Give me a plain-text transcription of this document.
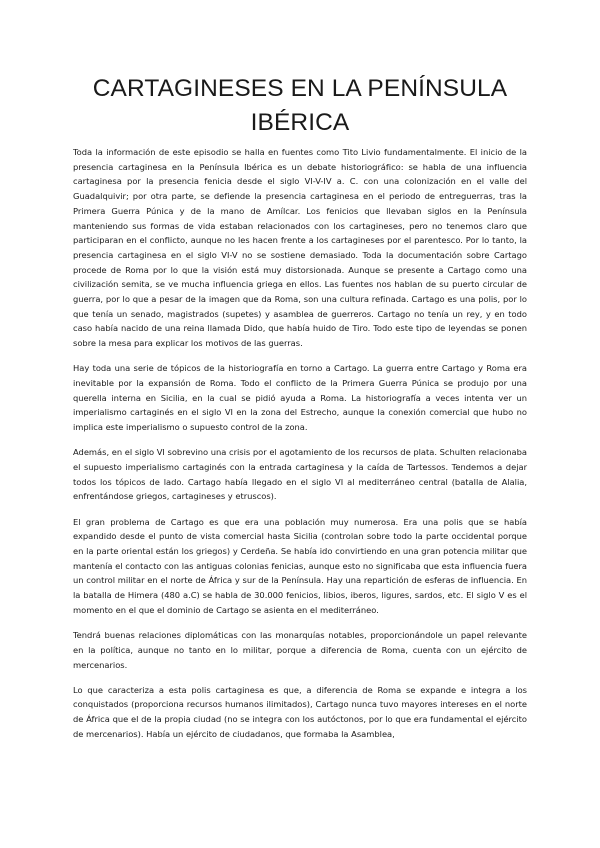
CARTAGINESES EN LA PENÍNSULA
IBÉRICA

Toda la información de este episodio se halla en fuentes como Tito Livio fundamentalmente. El inicio de la presencia cartaginesa en la Península Ibérica es un debate historiográfico: se habla de una influencia cartaginesa por la presencia fenicia desde el siglo VI-V-IV a. C. con una colonización en el valle del Guadalquivir; por otra parte, se defiende la presencia cartaginesa en el periodo de entreguerras, tras la Primera Guerra Púnica y de la mano de Amílcar. Los fenicios que llevaban siglos en la Península manteniendo sus formas de vida estaban relacionados con los cartagineses, pero no tenemos claro que participaran en el conflicto, aunque no les hacen frente a los cartagineses por el parentesco. Por lo tanto, la presencia cartaginesa en el siglo VI-V no se sostiene demasiado. Toda la documentación sobre Cartago procede de Roma por lo que la visión está muy distorsionada. Aunque se presente a Cartago como una civilización semita, se ve mucha influencia griega en ellos. Las fuentes nos hablan de su puerto circular de guerra, por lo que a pesar de la imagen que da Roma, son una cultura refinada. Cartago es una polis, por lo que tenía un senado, magistrados (supetes) y asamblea de guerreros. Cartago no tenía un rey, y en todo caso había nacido de una reina llamada Dido, que había huido de Tiro. Todo este tipo de leyendas se ponen sobre la mesa para explicar los motivos de las guerras.

Hay toda una serie de tópicos de la historiografía en torno a Cartago. La guerra entre Cartago y Roma era inevitable por la expansión de Roma. Todo el conflicto de la Primera Guerra Púnica se produjo por una querella interna en Sicilia, en la cual se pidió ayuda a Roma. La historiografía a veces intenta ver un imperialismo cartaginés en el siglo VI en la zona del Estrecho, aunque la conexión comercial que hubo no implica este imperialismo o supuesto control de la zona.

Además, en el siglo VI sobrevino una crisis por el agotamiento de los recursos de plata. Schulten relacionaba el supuesto imperialismo cartaginés con la entrada cartaginesa y la caída de Tartessos. Tendemos a dejar todos los tópicos de lado. Cartago había llegado en el siglo VI al mediterráneo central (batalla de Alalia, enfrentándose griegos, cartagineses y etruscos).

El gran problema de Cartago es que era una población muy numerosa. Era una polis que se había expandido desde el punto de vista comercial hasta Sicilia (controlan sobre todo la parte occidental porque en la parte oriental están los griegos) y Cerdeña. Se había ido convirtiendo en una gran potencia militar que mantenía el contacto con las antiguas colonias fenicias, aunque esto no significaba que esta influencia fuera un control militar en el norte de África y sur de la Península. Hay una repartición de esferas de influencia. En la batalla de Himera (480 a.C) se habla de 30.000 fenicios, libios, iberos, ligures, sardos, etc. El siglo V es el momento en el que el dominio de Cartago se asienta en el mediterráneo.

Tendrá buenas relaciones diplomáticas con las monarquías notables, proporcionándole un papel relevante en la política, aunque no tanto en lo militar, porque a diferencia de Roma, cuenta con un ejército de mercenarios.

Lo que caracteriza a esta polis cartaginesa es que, a diferencia de Roma se expande e integra a los conquistados (proporciona recursos humanos ilimitados), Cartago nunca tuvo mayores intereses en el norte de África que el de la propia ciudad (no se integra con los autóctonos, por lo que era fundamental el ejército de mercenarios). Había un ejército de ciudadanos, que formaba la Asamblea,
